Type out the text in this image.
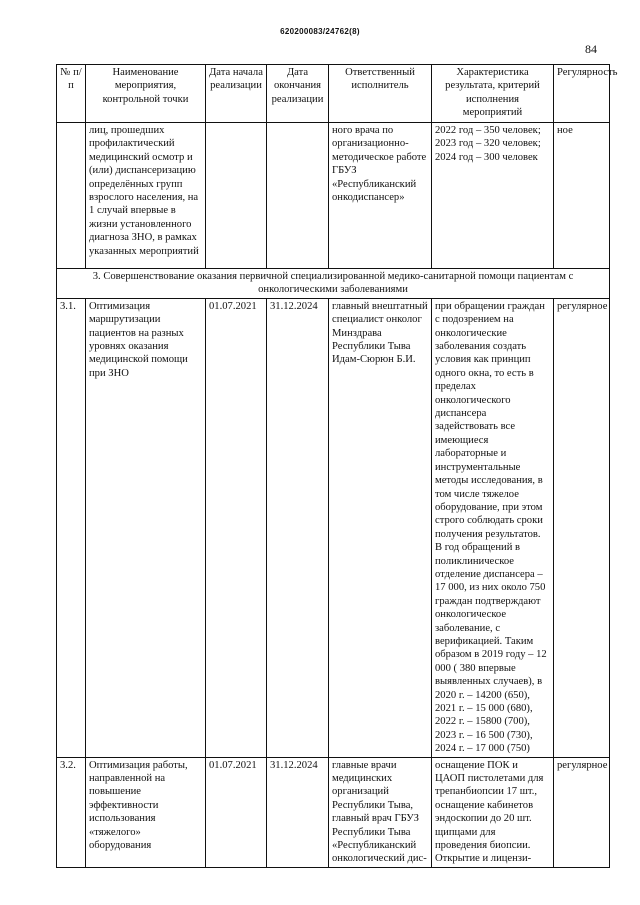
620200083/24762(8)
84
№ п/п	Наименование мероприятия, контрольной точки	Дата начала реализации	Дата окончания реализации	Ответственный исполнитель	Характеристика результата, критерий исполнения мероприятий	Регулярность
	лиц, прошедших профилактический медицинский осмотр и (или) диспансеризацию определённых групп взрослого населения, на 1 случай впервые в жизни установленного диагноза ЗНО, в рамках указанных мероприятий			ного врача по организационно-методическое работе ГБУЗ «Республиканский онкодиспансер»	2022 год – 350 человек; 2023 год – 320 человек; 2024 год – 300 человек	ное
3. Совершенствование оказания первичной специализированной медико-санитарной помощи пациентам с онкологическими заболеваниями						
3.1.	Оптимизация маршрутизации пациентов на разных уровнях оказания медицинской помощи при ЗНО	01.07.2021	31.12.2024	главный внештатный специалист онколог Минздрава Республики Тыва Идам-Сюрюн Б.И.	при обращении граждан с подозрением на онкологические заболевания создать условия как принцип одного окна, то есть в пределах онкологического диспансера задействовать все имеющиеся лабораторные и инструментальные методы исследования, в том числе тяжелое оборудование, при этом строго соблюдать сроки получения результатов. В год обращений в поликлиническое отделение диспансера – 17 000, из них около 750 граждан подтверждают онкологическое заболевание, с верификацией. Таким образом в 2019 году – 12 000 ( 380 впервые выявленных случаев), в 2020 г. – 14200 (650), 2021 г. – 15 000 (680), 2022 г. – 15800 (700), 2023 г. – 16 500 (730), 2024 г. – 17 000 (750)	регулярное
3.2.	Оптимизация работы, направленной на повышение эффективности использования «тяжелого» оборудования	01.07.2021	31.12.2024	главные врачи медицинских организаций Республики Тыва, главный врач ГБУЗ Республики Тыва «Республиканский онкологический дис-	оснащение ПОК и ЦАОП пистолетами для трепанбиопсии 17 шт., оснащение кабинетов эндоскопии до 20 шт. щипцами для проведения биопсии. Открытие и лицензи-	регулярное
